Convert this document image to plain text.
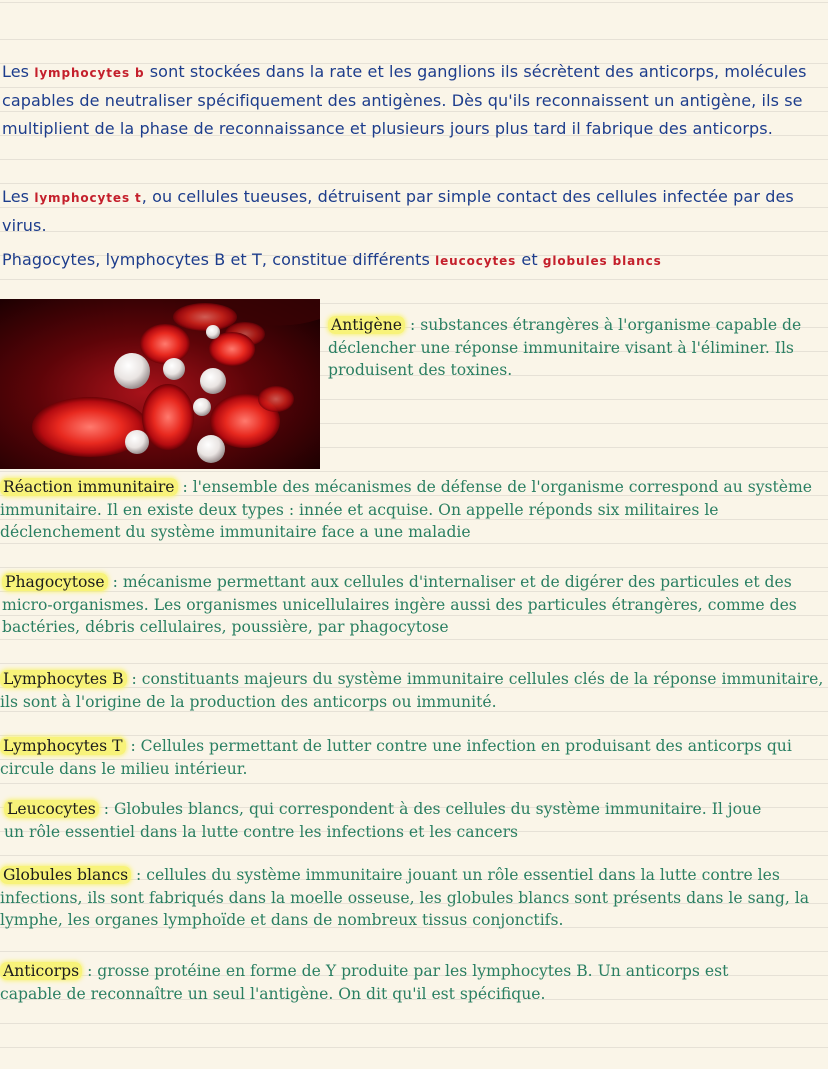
Les lymphocytes b sont stockées dans la rate et les ganglions ils sécrètent des anticorps, molécules capables de neutraliser spécifiquement des antigènes. Dès qu'ils reconnaissent un antigène, ils se multiplient de la phase de reconnaissance et plusieurs jours plus tard il fabrique des anticorps.

Les lymphocytes t, ou cellules tueuses, détruisent par simple contact des cellules infectée par des virus.

Phagocytes, lymphocytes B et T, constitue différents leucocytes et globules blancs

Antigène : substances étrangères à l'organisme capable de déclencher une réponse immunitaire visant à l'éliminer. Ils produisent des toxines.

Réaction immunitaire : l'ensemble des mécanismes de défense de l'organisme correspond au système immunitaire. Il en existe deux types : innée et acquise. On appelle réponds six militaires le déclenchement du système immunitaire face a une maladie

Phagocytose : mécanisme permettant aux cellules d'internaliser et de digérer des particules et des micro-organismes. Les organismes unicellulaires ingère aussi des particules étrangères, comme des bactéries, débris cellulaires, poussière, par phagocytose

Lymphocytes B : constituants majeurs du système immunitaire cellules clés de la réponse immunitaire, ils sont à l'origine de la production des anticorps ou immunité.

Lymphocytes T : Cellules permettant de lutter contre une infection en produisant des anticorps qui circule dans le milieu intérieur.

Leucocytes : Globules blancs, qui correspondent à des cellules du système immunitaire. Il joue un rôle essentiel dans la lutte contre les infections et les cancers

Globules blancs : cellules du système immunitaire jouant un rôle essentiel dans la lutte contre les infections, ils sont fabriqués dans la moelle osseuse, les globules blancs sont présents dans le sang, la lymphe, les organes lymphoïde et dans de nombreux tissus conjonctifs.

Anticorps : grosse protéine en forme de Y produite par les lymphocytes B. Un anticorps est capable de reconnaître un seul l'antigène. On dit qu'il est spécifique.
